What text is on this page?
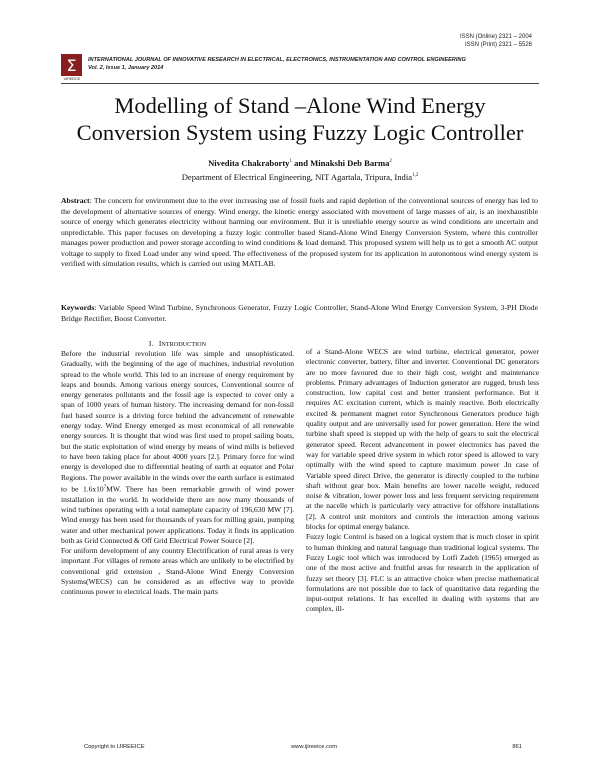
ISSN (Online) 2321 – 2004
ISSN (Print) 2321 – 5526
Σ
IJIREEICE
INTERNATIONAL JOURNAL OF INNOVATIVE RESEARCH IN ELECTRICAL, ELECTRONICS, INSTRUMENTATION AND CONTROL ENGINEERING
Vol. 2, Issue 1, January 2014
Modelling of Stand –Alone Wind Energy
Conversion System using Fuzzy Logic Controller
Nivedita Chakraborty$^1$ and Minakshi Deb Barma$^2$
Department of Electrical Engineering, NIT Agartala, Tripura, India$^{1,2}$
Abstract: The concern for environment due to the ever increasing use of fossil fuels and rapid depletion of the conventional sources of energy has led to the development of alternative sources of energy. Wind energy, the kinetic energy associated with movement of large masses of air, is an inexhaustible source of energy which generates electricity without harming our environment. But it is unreliable energy source as wind conditions are uncertain and unpredictable. This paper focuses on developing a fuzzy logic controller based Stand-Alone Wind Energy Conversion System, where this controller manages power production and power storage according to wind conditions & load demand. This proposed system will help us to get a smooth AC output voltage to supply to fixed Load under any wind speed. The effectiveness of the proposed system for its application in autonomous wind energy system is verified with simulation results, which is carried out using MATLAB.
Keywords: Variable Speed Wind Turbine, Synchronous Generator, Fuzzy Logic Controller, Stand-Alone Wind Energy Conversion System, 3-PH Diode Bridge Rectifier, Boost Converter.
I. INTRODUCTION

Before the industrial revolution life was simple and unsophisticated. Gradually, with the beginning of the age of machines, industrial revolution spread to the whole world. This led to an increase of energy requirement by leaps and bounds. Among various energy sources, Conventional source of energy generates pollutants and the fossil age is expected to cover only a span of 1000 years of human history. The increasing demand for non-fossil fuel based source is a driving force behind the advancement of renewable energy today. Wind Energy emerged as most economical of all renewable energy sources. It is thought that wind was first used to propel sailing boats, but the static exploitation of wind energy by means of wind mills is believed to have been taking place for about 4000 years [2.]. Primary force for wind energy is developed due to differential heating of earth at equator and Polar Regions. The power available in the winds over the earth surface is estimated to be $1.6x10^7MW$. There has been remarkable growth of wind power installation in the world. In worldwide there are now many thousands of wind turbines operating with a total nameplate capacity of 196,630 MW [7]. Wind energy has been used for thousands of years for milling grain, pumping water and other mechanical power applications. Today it finds its application both as Grid Connected & Off Grid Electrical Power Source [2].

For uniform development of any country Electrification of rural areas is very important .For villages of remote areas which are unlikely to be electrified by conventional grid extension , Stand-Alone Wind Energy Conversion Systems(WECS) can be considered as an effective way to provide continuous power to electrical loads. The main parts

of a Stand-Alone WECS are wind turbine, electrical generator, power electronic converter, battery, filter and inverter. Conventional DC generators are no more favoured due to their high cost, weight and maintenance problems. Primary advantages of Induction generator are rugged, brush less construction, low capital cost and better transient performance. But it requires AC excitation current, which is mainly reactive. Both electrically excited & permanent magnet rotor Synchronous Generators produce high quality output and are universally used for power generation. Here the wind turbine shaft speed is stepped up with the help of gears to suit the electrical generator speed. Recent advancement in power electronics has paved the way for variable speed drive system in which rotor speed is allowed to vary optimally with the wind speed to capture maximum power .In case of Variable speed direct Drive, the generator is directly coupled to the turbine shaft without gear box. Main benefits are lower nacelle weight, reduced noise & vibration, lower power loss and less frequent servicing requirement at the nacelle which is particularly very attractive for offshore installations [2]. A control unit monitors and controls the interaction among various blocks for optimal energy balance.

Fuzzy logic Control is based on a logical system that is much closer in spirit to human thinking and natural language than traditional logical systems. The Fuzzy Logic tool which was introduced by Lotfi Zadeh (1965) emerged as one of the most active and fruitful areas for research in the application of fuzzy set theory [3]. FLC is an attractive choice when precise mathematical formulations are not possible due to lack of quantitative data regarding the input-output relations. It has excelled in dealing with systems that are complex, ill-

Copyright to IJIREEICE	www.ijireeice.com	861
